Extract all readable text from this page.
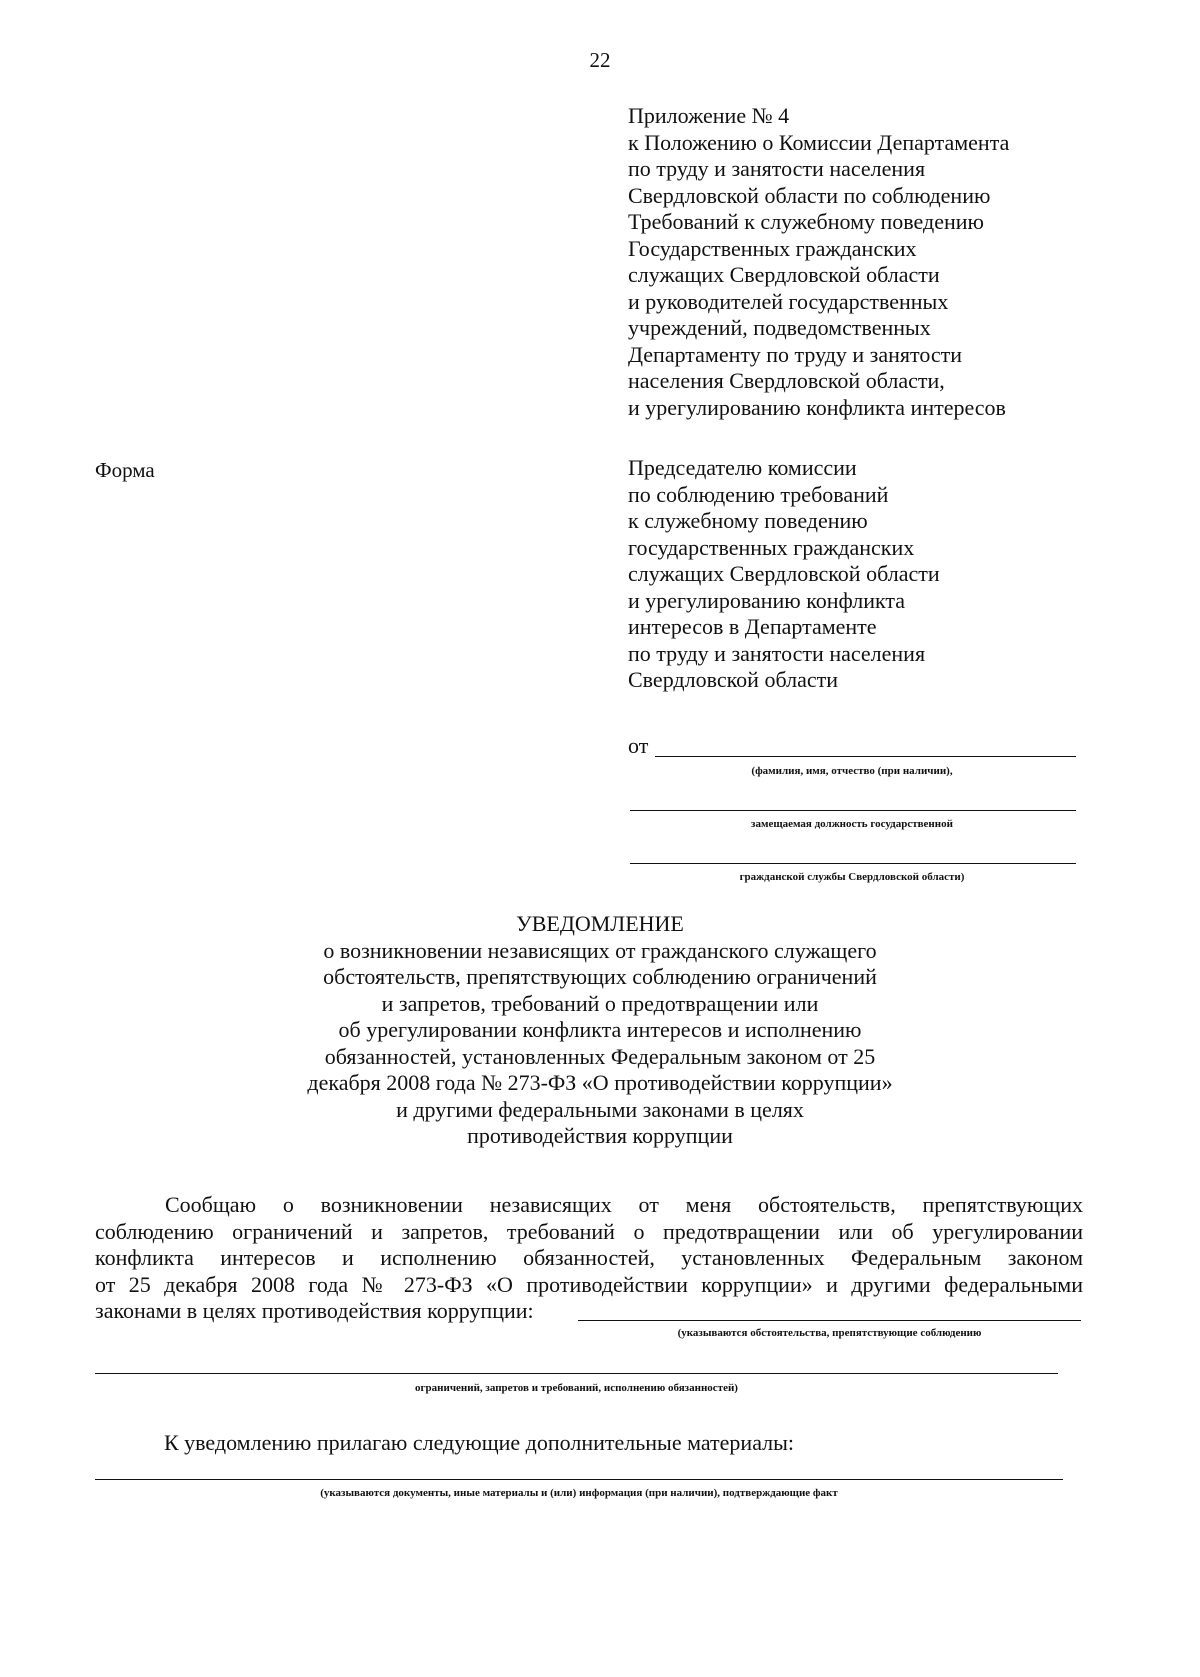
22
Приложение № 4
к Положению о Комиссии Департамента
по труду и занятости населения
Свердловской области по соблюдению
Требований к служебному поведению
Государственных гражданских
служащих Свердловской области
и руководителей государственных
учреждений, подведомственных
Департаменту по труду и занятости
населения Свердловской области,
и урегулированию конфликта интересов
Форма	Председателю комиссии
по соблюдению требований
к служебному поведению
государственных гражданских
служащих Свердловской области
и урегулированию конфликта
интересов в Департаменте
по труду и занятости населения
Свердловской области
от
(фамилия, имя, отчество (при наличии),
замещаемая должность государственной
гражданской службы Свердловской области)
УВЕДОМЛЕНИЕ
о возникновении независящих от гражданского служащего
обстоятельств, препятствующих соблюдению ограничений
и запретов, требований о предотвращении или
об урегулировании конфликта интересов и исполнению
обязанностей, установленных Федеральным законом от 25
декабря 2008 года № 273-ФЗ «О противодействии коррупции»
и другими федеральными законами в целях
противодействия коррупции
Сообщаю о возникновении независящих от меня обстоятельств, препятствующих
соблюдению ограничений и запретов, требований о предотвращении или об урегулировании
конфликта интересов и исполнению обязанностей, установленных Федеральным законом
от 25 декабря 2008 года № 273-ФЗ «О противодействии коррупции» и другими федеральными
законами в целях противодействия коррупции:
(указываются обстоятельства, препятствующие соблюдению
ограничений, запретов и требований, исполнению обязанностей)
К уведомлению прилагаю следующие дополнительные материалы:
(указываются документы, иные материалы и (или) информация (при наличии), подтверждающие факт
